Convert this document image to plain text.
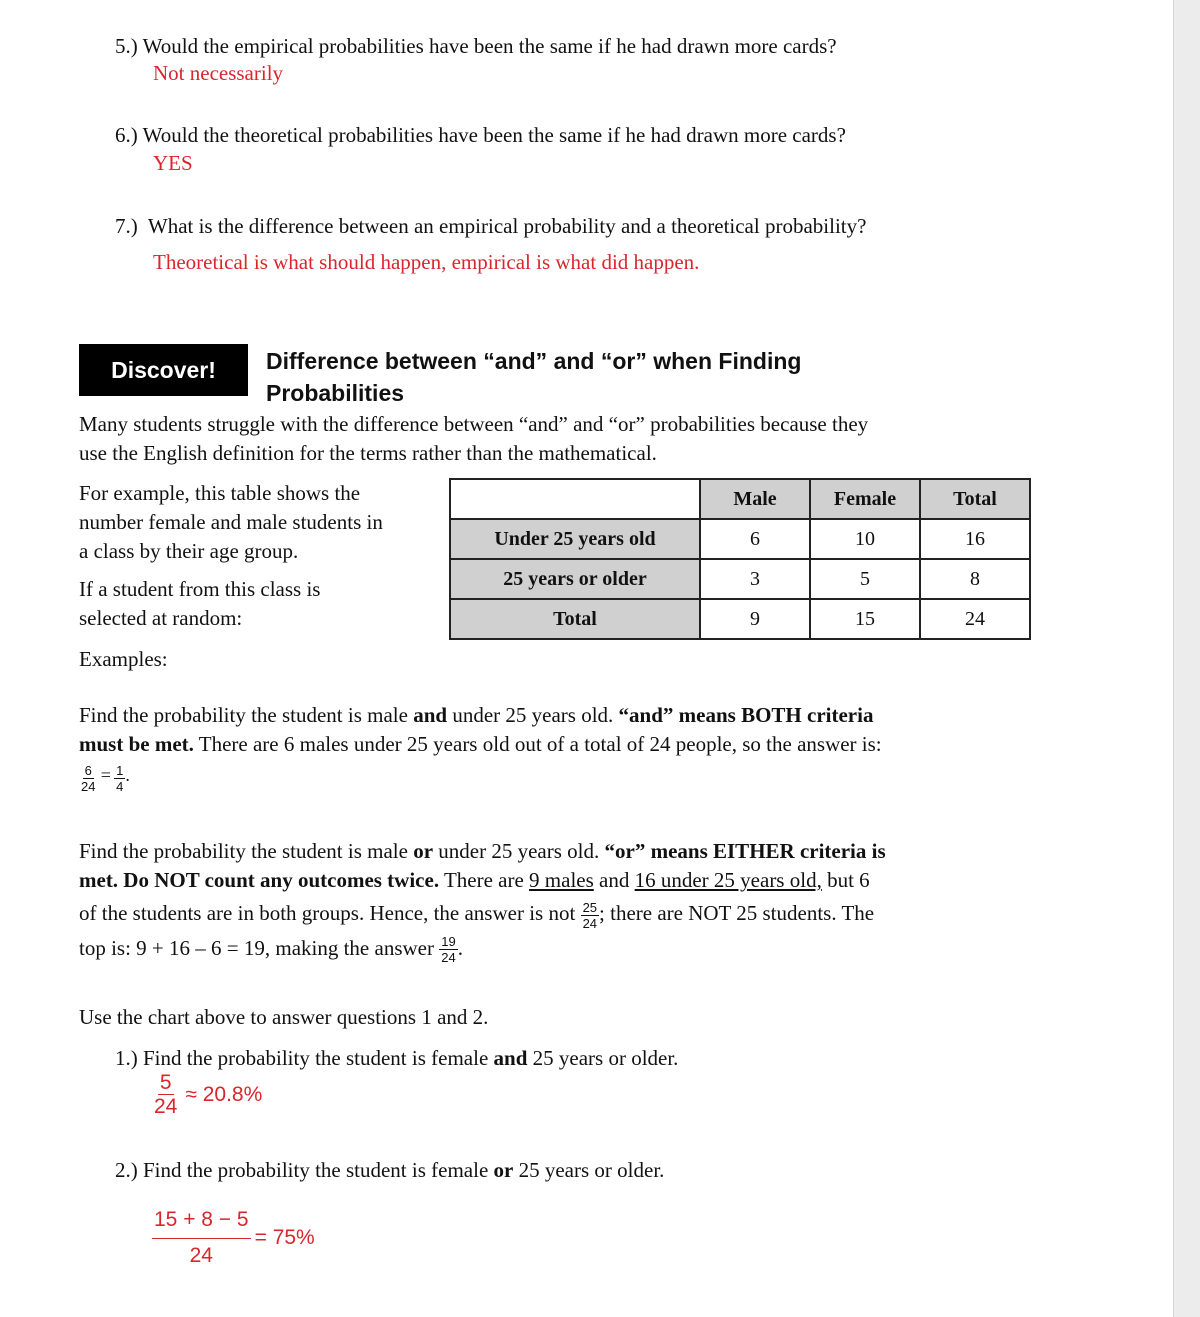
5.) Would the empirical probabilities have been the same if he had drawn more cards?
Not necessarily
6.) Would the theoretical probabilities have been the same if he had drawn more cards?
YES
7.) What is the difference between an empirical probability and a theoretical probability?
Theoretical is what should happen, empirical is what did happen.
Discover!	Difference between “and” and “or” when Finding
Probabilities
Many students struggle with the difference between “and” and “or” probabilities because they
use the English definition for the terms rather than the mathematical.
For example, this table shows the
number female and male students in
a class by their age group.
If a student from this class is
selected at random:
Examples:
	Male	Female	Total
Under 25 years old	6	10	16
25 years or older	3	5	8
Total	9	15	24
Find the probability the student is male and under 25 years old. “and” means BOTH criteria
must be met. There are 6 males under 25 years old out of a total of 24 people, so the answer is:
$\frac{6}{24} = \frac{1}{4}$ .
Find the probability the student is male or under 25 years old. “or” means EITHER criteria is
met. Do NOT count any outcomes twice. There are 9 males and 16 under 25 years old, but 6
of the students are in both groups. Hence, the answer is not $\frac{25}{24}$ ; there are NOT 25 students. The
top is: 9 + 16 – 6 = 19, making the answer $\frac{19}{24}$ .
Use the chart above to answer questions 1 and 2.
1.) Find the probability the student is female and 25 years or older.
$\frac{5}{24} \approx 20.8\%$
2.) Find the probability the student is female or 25 years or older.
$\frac{15 + 8 - 5}{24} = 75\%$
